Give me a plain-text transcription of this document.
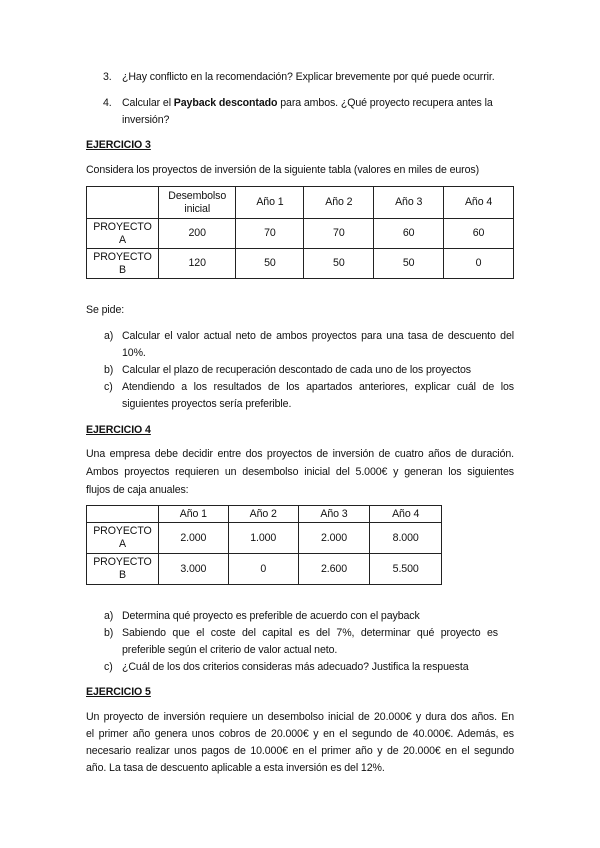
3. ¿Hay conflicto en la recomendación? Explicar brevemente por qué puede ocurrir.
4. Calcular el Payback descontado para ambos. ¿Qué proyecto recupera antes la
inversión?
EJERCICIO 3
Considera los proyectos de inversión de la siguiente tabla (valores en miles de euros)
	Desembolso inicial	Año 1	Año 2	Año 3	Año 4
PROYECTO A	200	70	70	60	60
PROYECTO B	120	50	50	50	0
Se pide:
a) Calcular el valor actual neto de ambos proyectos para una tasa de descuento del
10%.
b) Calcular el plazo de recuperación descontado de cada uno de los proyectos
c) Atendiendo a los resultados de los apartados anteriores, explicar cuál de los
siguientes proyectos sería preferible.
EJERCICIO 4
Una empresa debe decidir entre dos proyectos de inversión de cuatro años de duración.
Ambos proyectos requieren un desembolso inicial del 5.000€ y generan los siguientes
flujos de caja anuales:
	Año 1	Año 2	Año 3	Año 4
PROYECTO A	2.000	1.000	2.000	8.000
PROYECTO B	3.000	0	2.600	5.500
a) Determina qué proyecto es preferible de acuerdo con el payback
b) Sabiendo que el coste del capital es del 7%, determinar qué proyecto es
preferible según el criterio de valor actual neto.
c) ¿Cuál de los dos criterios consideras más adecuado? Justifica la respuesta
EJERCICIO 5
Un proyecto de inversión requiere un desembolso inicial de 20.000€ y dura dos años. En
el primer año genera unos cobros de 20.000€ y en el segundo de 40.000€. Además, es
necesario realizar unos pagos de 10.000€ en el primer año y de 20.000€ en el segundo
año. La tasa de descuento aplicable a esta inversión es del 12%.
